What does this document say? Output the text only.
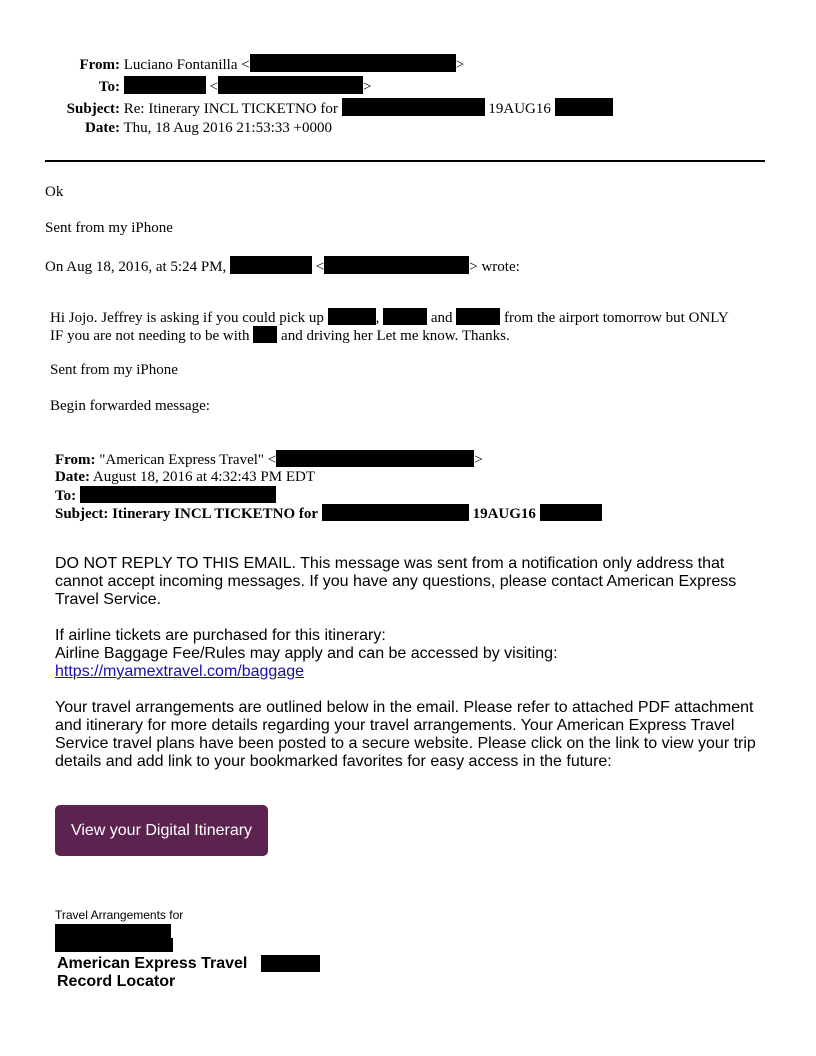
From: Luciano Fontanilla <	>
To:	<	>
Subject: Re: Itinerary INCL TICKETNO for	19AUG16
Date: Thu, 18 Aug 2016 21:53:33 +0000
Ok
Sent from my iPhone
On Aug 18, 2016, at 5:24 PM,	<	> wrote:
Hi Jojo. Jeffrey is asking if you could pick up	,	and	from the airport tomorrow but ONLY
IF you are not needing to be with and driving her Let me know. Thanks.
Sent from my iPhone
Begin forwarded message:
From: "American Express Travel" <	>
Date: August 18, 2016 at 4:32:43 PM EDT
To:
Subject: Itinerary INCL TICKETNO for	19AUG16
DO NOT REPLY TO THIS EMAIL. This message was sent from a notification only address that cannot accept incoming messages. If you have any questions, please contact American Express Travel Service.
If airline tickets are purchased for this itinerary:
Airline Baggage Fee/Rules may apply and can be accessed by visiting:
https://myamextravel.com/baggage
Your travel arrangements are outlined below in the email. Please refer to attached PDF attachment and itinerary for more details regarding your travel arrangements. Your American Express Travel Service travel plans have been posted to a secure website. Please click on the link to view your trip details and add link to your bookmarked favorites for easy access in the future:
View your Digital Itinerary
Travel Arrangements for
American Express Travel
Record Locator
